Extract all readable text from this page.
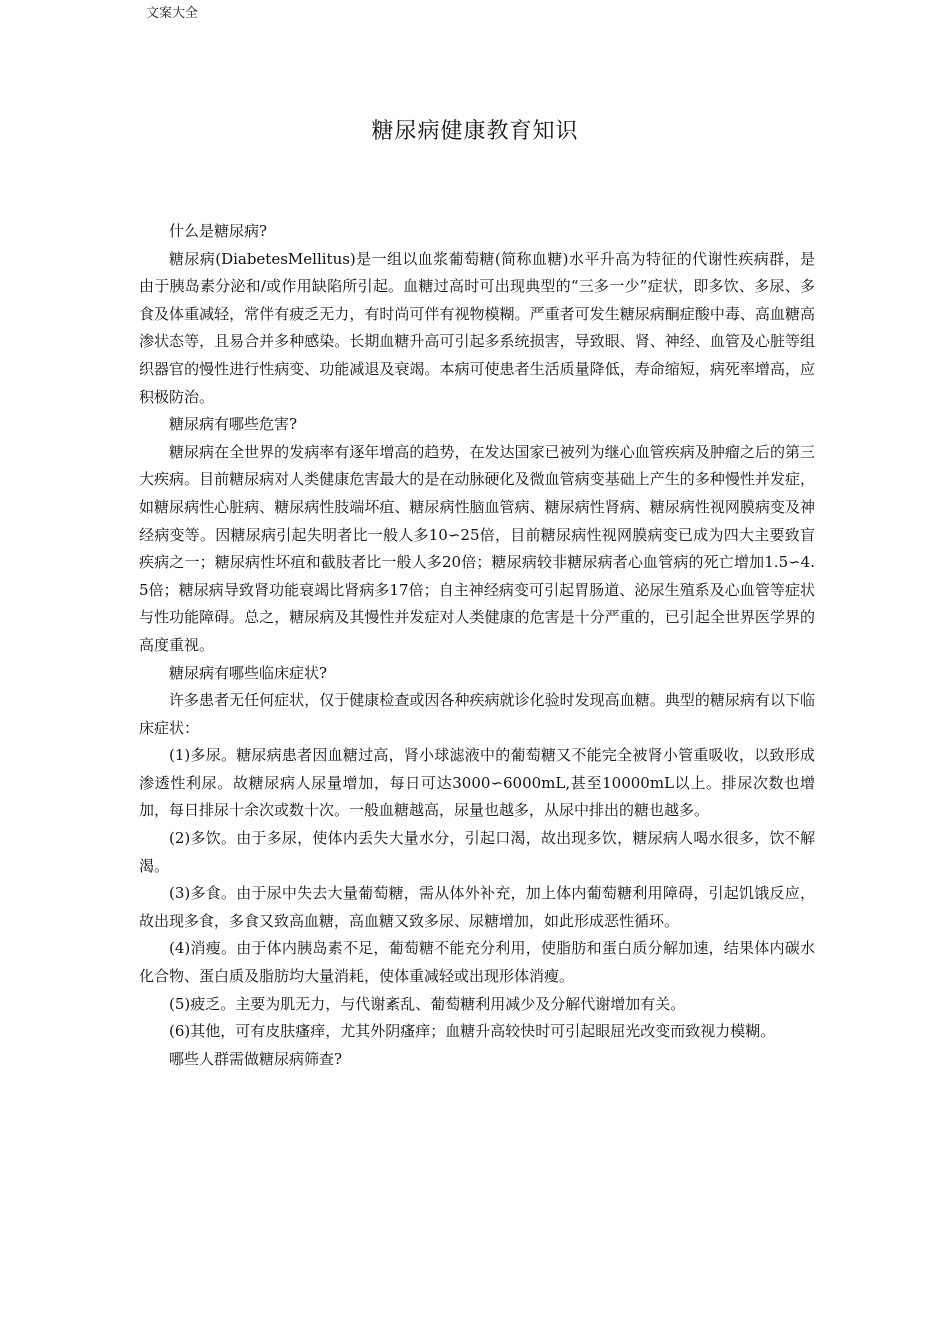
文案大全
糖尿病健康教育知识

什么是糖尿病?

糖尿病(DiabetesMellitus)是一组以血浆葡萄糖(简称血糖)水平升高为特征的代谢性疾病群，是由于胰岛素分泌和/或作用缺陷所引起。血糖过高时可出现典型的“三多一少”症状，即多饮、多尿、多食及体重减轻，常伴有疲乏无力，有时尚可伴有视物模糊。严重者可发生糖尿病酮症酸中毒、高血糖高渗状态等，且易合并多种感染。长期血糖升高可引起多系统损害，导致眼、肾、神经、血管及心脏等组织器官的慢性进行性病变、功能减退及衰竭。本病可使患者生活质量降低，寿命缩短，病死率增高，应积极防治。

糖尿病有哪些危害?

糖尿病在全世界的发病率有逐年增高的趋势，在发达国家已被列为继心血管疾病及肿瘤之后的第三大疾病。目前糖尿病对人类健康危害最大的是在动脉硬化及微血管病变基础上产生的多种慢性并发症，如糖尿病性心脏病、糖尿病性肢端坏疽、糖尿病性脑血管病、糖尿病性肾病、糖尿病性视网膜病变及神经病变等。因糖尿病引起失明者比一般人多10∽25倍，目前糖尿病性视网膜病变已成为四大主要致盲疾病之一；糖尿病性坏疽和截肢者比一般人多20倍；糖尿病较非糖尿病者心血管病的死亡增加1.5∽4.5倍；糖尿病导致肾功能衰竭比肾病多17倍；自主神经病变可引起胃肠道、泌尿生殖系及心血管等症状与性功能障碍。总之，糖尿病及其慢性并发症对人类健康的危害是十分严重的，已引起全世界医学界的高度重视。

糖尿病有哪些临床症状?

许多患者无任何症状，仅于健康检查或因各种疾病就诊化验时发现高血糖。典型的糖尿病有以下临床症状：

(1)多尿。糖尿病患者因血糖过高，肾小球滤液中的葡萄糖又不能完全被肾小管重吸收，以致形成渗透性利尿。故糖尿病人尿量增加，每日可达3000∽6000mL,甚至10000mL以上。排尿次数也增加，每日排尿十余次或数十次。一般血糖越高，尿量也越多，从尿中排出的糖也越多。

(2)多饮。由于多尿，使体内丢失大量水分，引起口渴，故出现多饮，糖尿病人喝水很多，饮不解渴。

(3)多食。由于尿中失去大量葡萄糖，需从体外补充，加上体内葡萄糖利用障碍，引起饥饿反应，故出现多食，多食又致高血糖，高血糖又致多尿、尿糖增加，如此形成恶性循环。

(4)消瘦。由于体内胰岛素不足，葡萄糖不能充分利用，使脂肪和蛋白质分解加速，结果体内碳水化合物、蛋白质及脂肪均大量消耗，使体重减轻或出现形体消瘦。

(5)疲乏。主要为肌无力，与代谢紊乱、葡萄糖利用减少及分解代谢增加有关。

(6)其他，可有皮肤瘙痒，尤其外阴瘙痒；血糖升高较快时可引起眼屈光改变而致视力模糊。

哪些人群需做糖尿病筛查?
